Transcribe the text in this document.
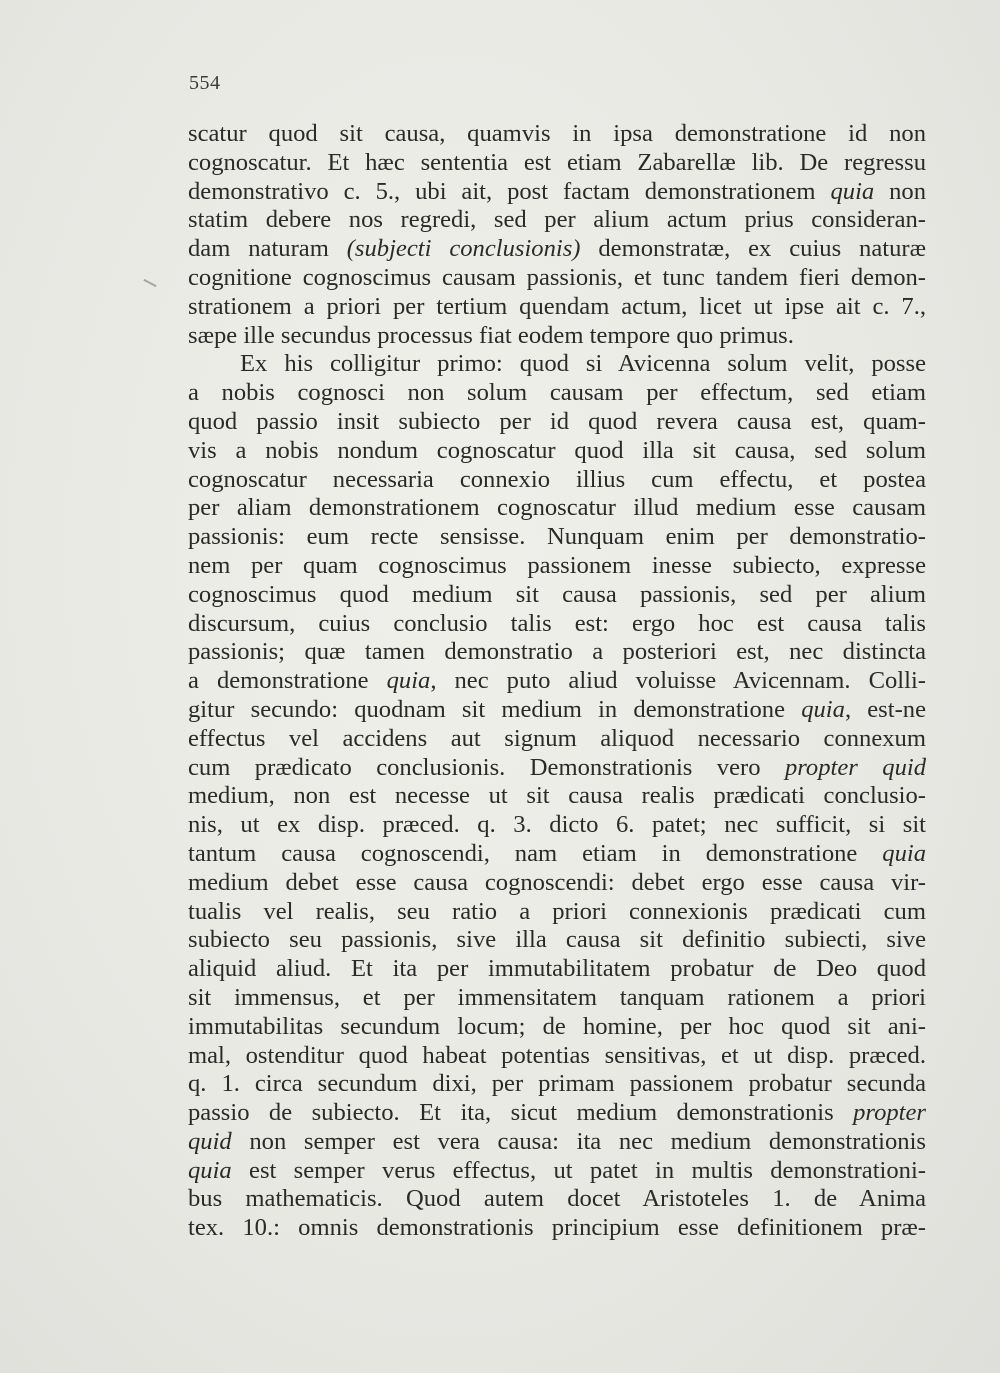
554
scatur quod sit causa, quamvis in ipsa demonstratione id non
cognoscatur. Et hæc sententia est etiam Zabarellæ lib. De regressu
demonstrativo c. 5., ubi ait, post factam demonstrationem quia non
statim debere nos regredi, sed per alium actum prius consideran-
dam naturam (subjecti conclusionis) demonstratæ, ex cuius naturæ
cognitione cognoscimus causam passionis, et tunc tandem fieri demon-
strationem a priori per tertium quendam actum, licet ut ipse ait c. 7.,
sæpe ille secundus processus fiat eodem tempore quo primus.
Ex his colligitur primo: quod si Avicenna solum velit, posse
a nobis cognosci non solum causam per effectum, sed etiam
quod passio insit subiecto per id quod revera causa est, quam-
vis a nobis nondum cognoscatur quod illa sit causa, sed solum
cognoscatur necessaria connexio illius cum effectu, et postea
per aliam demonstrationem cognoscatur illud medium esse causam
passionis: eum recte sensisse. Nunquam enim per demonstratio-
nem per quam cognoscimus passionem inesse subiecto, expresse
cognoscimus quod medium sit causa passionis, sed per alium
discursum, cuius conclusio talis est: ergo hoc est causa talis
passionis; quæ tamen demonstratio a posteriori est, nec distincta
a demonstratione quia, nec puto aliud voluisse Avicennam. Colli-
gitur secundo: quodnam sit medium in demonstratione quia, est-ne
effectus vel accidens aut signum aliquod necessario connexum
cum prædicato conclusionis. Demonstrationis vero propter quid
medium, non est necesse ut sit causa realis prædicati conclusio-
nis, ut ex disp. præced. q. 3. dicto 6. patet; nec sufficit, si sit
tantum causa cognoscendi, nam etiam in demonstratione quia
medium debet esse causa cognoscendi: debet ergo esse causa vir-
tualis vel realis, seu ratio a priori connexionis prædicati cum
subiecto seu passionis, sive illa causa sit definitio subiecti, sive
aliquid aliud. Et ita per immutabilitatem probatur de Deo quod
sit immensus, et per immensitatem tanquam rationem a priori
immutabilitas secundum locum; de homine, per hoc quod sit ani-
mal, ostenditur quod habeat potentias sensitivas, et ut disp. præced.
q. 1. circa secundum dixi, per primam passionem probatur secunda
passio de subiecto. Et ita, sicut medium demonstrationis propter
quid non semper est vera causa: ita nec medium demonstrationis
quia est semper verus effectus, ut patet in multis demonstrationi-
bus mathematicis. Quod autem docet Aristoteles 1. de Anima
tex. 10.: omnis demonstrationis principium esse definitionem præ-
